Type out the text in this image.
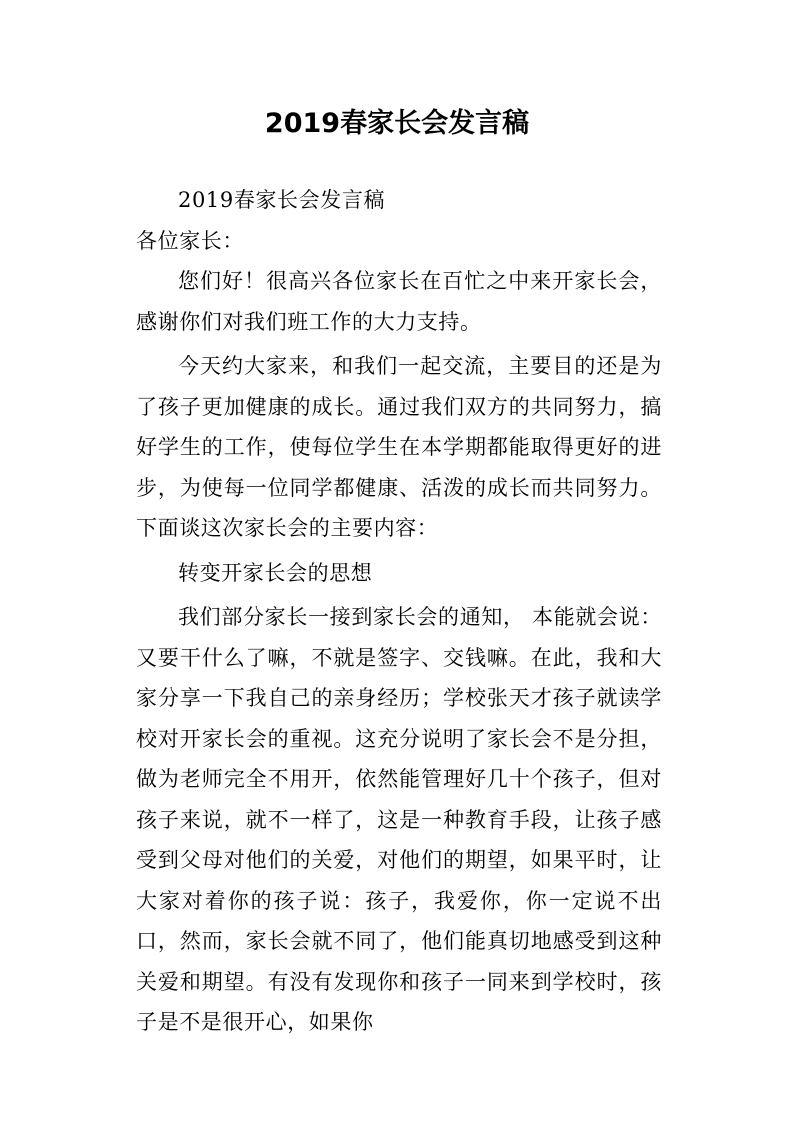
2019春家长会发言稿

2019春家长会发言稿

各位家长：

您们好！很高兴各位家长在百忙之中来开家长会，感谢你们对我们班工作的大力支持。

今天约大家来，和我们一起交流，主要目的还是为了孩子更加健康的成长。通过我们双方的共同努力，搞好学生的工作，使每位学生在本学期都能取得更好的进步，为使每一位同学都健康、活泼的成长而共同努力。下面谈这次家长会的主要内容：

转变开家长会的思想

我们部分家长一接到家长会的通知， 本能就会说：又要干什么了嘛，不就是签字、交钱嘛。在此，我和大家分享一下我自己的亲身经历；学校张天才孩子就读学校对开家长会的重视。这充分说明了家长会不是分担，做为老师完全不用开，依然能管理好几十个孩子，但对孩子来说，就不一样了，这是一种教育手段，让孩子感受到父母对他们的关爱，对他们的期望，如果平时，让大家对着你的孩子说：孩子，我爱你，你一定说不出口，然而，家长会就不同了，他们能真切地感受到这种关爱和期望。有没有发现你和孩子一同来到学校时，孩子是不是很开心，如果你
